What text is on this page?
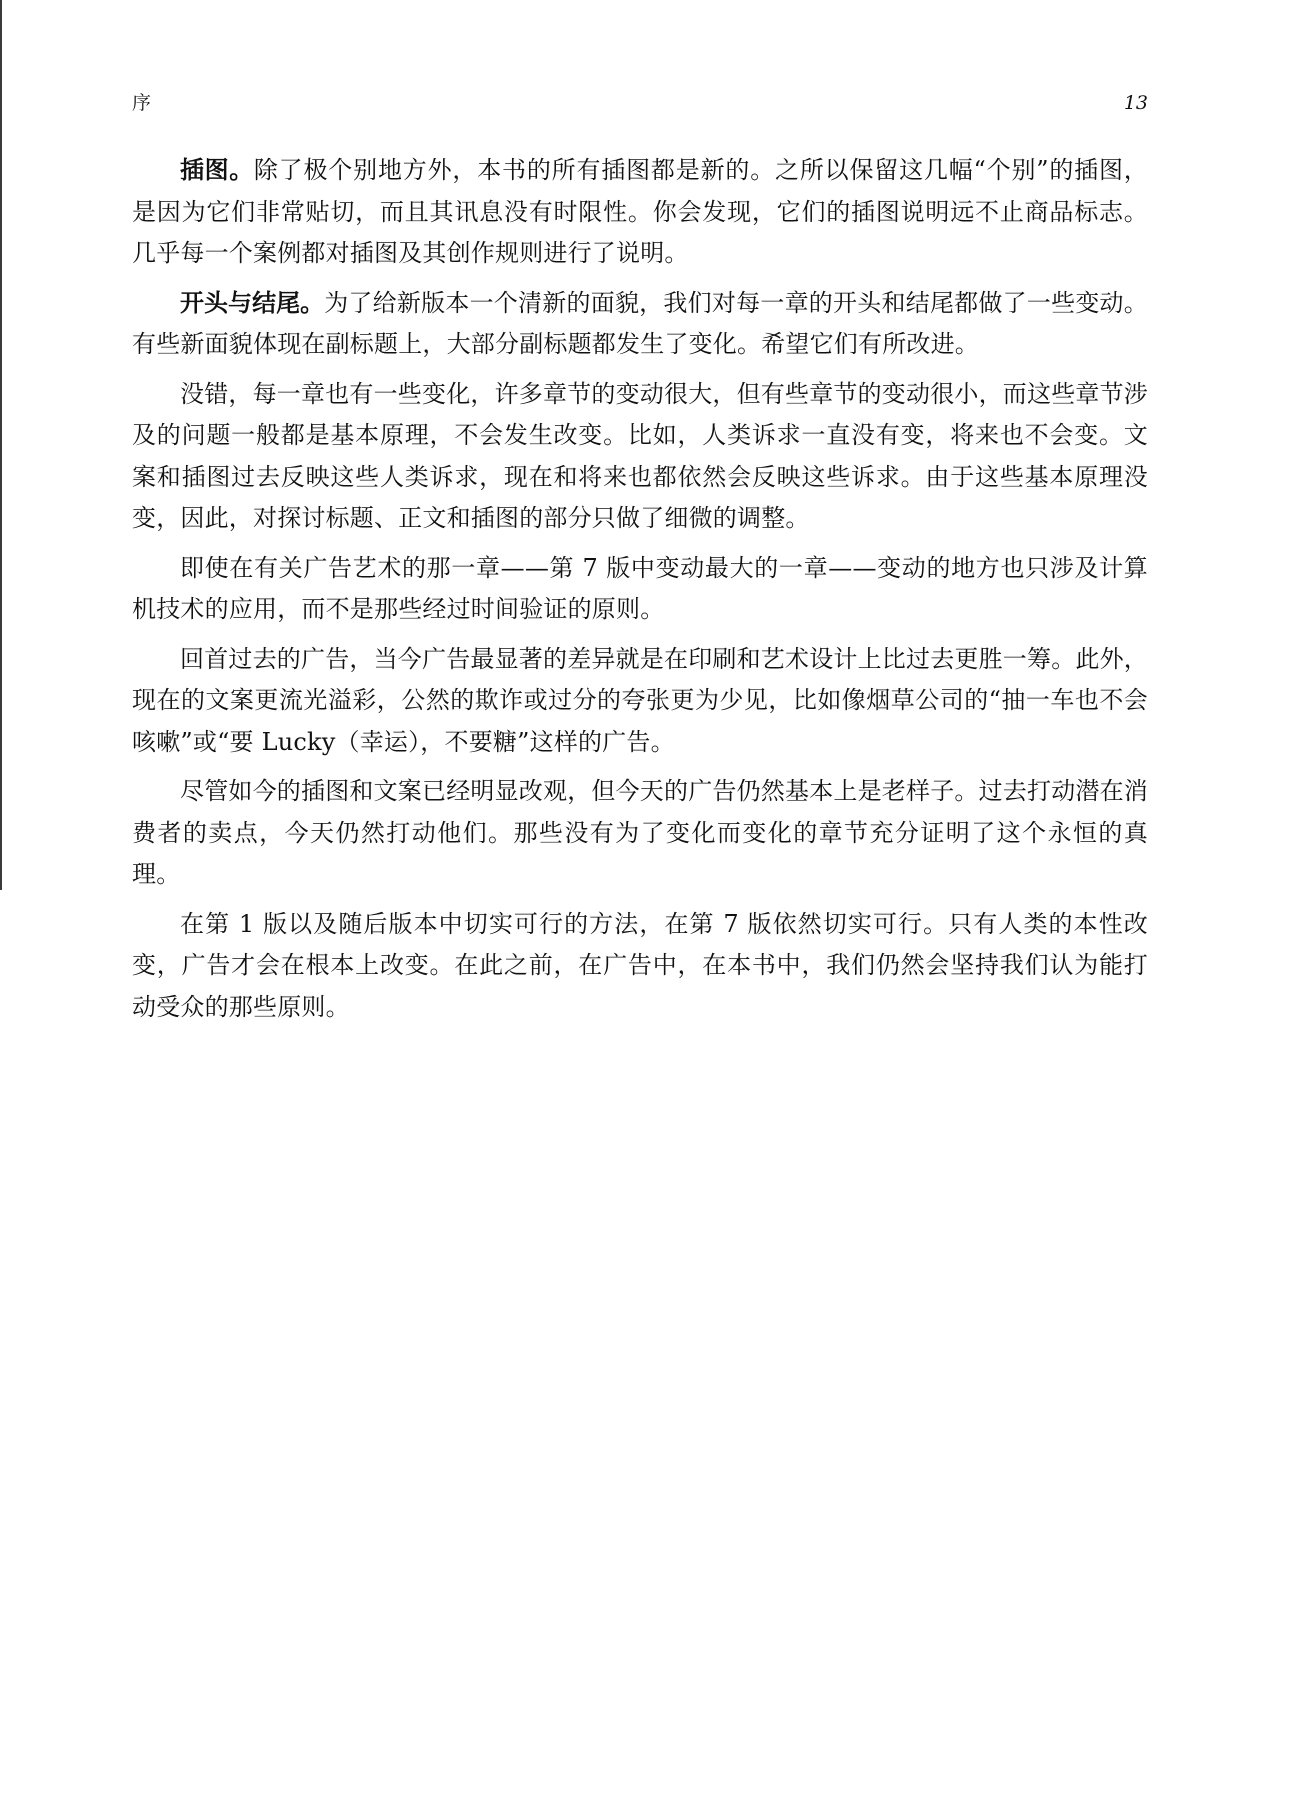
序	13

插图。除了极个别地方外，本书的所有插图都是新的。之所以保留这几幅“个别”的插图，是因为它们非常贴切，而且其讯息没有时限性。你会发现，它们的插图说明远不止商品标志。几乎每一个案例都对插图及其创作规则进行了说明。

开头与结尾。为了给新版本一个清新的面貌，我们对每一章的开头和结尾都做了一些变动。有些新面貌体现在副标题上，大部分副标题都发生了变化。希望它们有所改进。

没错，每一章也有一些变化，许多章节的变动很大，但有些章节的变动很小，而这些章节涉及的问题一般都是基本原理，不会发生改变。比如，人类诉求一直没有变，将来也不会变。文案和插图过去反映这些人类诉求，现在和将来也都依然会反映这些诉求。由于这些基本原理没变，因此，对探讨标题、正文和插图的部分只做了细微的调整。

即使在有关广告艺术的那一章——第 7 版中变动最大的一章——变动的地方也只涉及计算机技术的应用，而不是那些经过时间验证的原则。

回首过去的广告，当今广告最显著的差异就是在印刷和艺术设计上比过去更胜一筹。此外，现在的文案更流光溢彩，公然的欺诈或过分的夸张更为少见，比如像烟草公司的“抽一车也不会咳嗽”或“要 Lucky（幸运），不要糖”这样的广告。

尽管如今的插图和文案已经明显改观，但今天的广告仍然基本上是老样子。过去打动潜在消费者的卖点，今天仍然打动他们。那些没有为了变化而变化的章节充分证明了这个永恒的真理。

在第 1 版以及随后版本中切实可行的方法，在第 7 版依然切实可行。只有人类的本性改变，广告才会在根本上改变。在此之前，在广告中，在本书中，我们仍然会坚持我们认为能打动受众的那些原则。
